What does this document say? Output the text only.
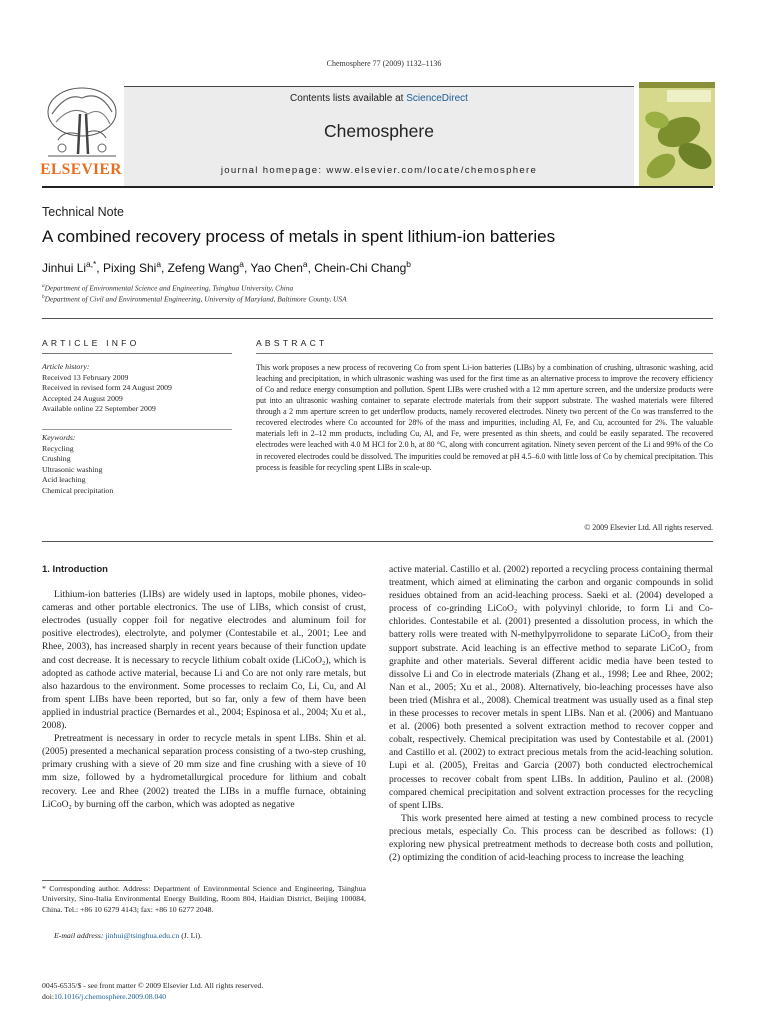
Chemosphere 77 (2009) 1132–1136
Contents lists available at ScienceDirect
Chemosphere
journal homepage: www.elsevier.com/locate/chemosphere
ELSEVIER
Technical Note
A combined recovery process of metals in spent lithium-ion batteries
Jinhui $Li^{a,*}$, Pixing Shi$^a$, Zefeng Wang$^a$, Yao Chen$^a$, Chein-Chi Chang$^b$
$^a$Department of Environmental Science and Engineering, Tsinghua University, China
$^b$Department of Civil and Environmental Engineering, University of Maryland, Baltimore County, USA
ARTICLE INFO
Article history:
Received 13 February 2009
Received in revised form 24 August 2009
Accepted 24 August 2009
Available online 22 September 2009
Keywords:
Recycling
Crushing
Ultrasonic washing
Acid leaching
Chemical precipitation
ABSTRACT
This work proposes a new process of recovering Co from spent Li-ion batteries (LIBs) by a combination of crushing, ultrasonic washing, acid leaching and precipitation, in which ultrasonic washing was used for the first time as an alternative process to improve the recovery efficiency of Co and reduce energy consumption and pollution. Spent LIBs were crushed with a 12 mm aperture screen, and the undersize products were put into an ultrasonic washing container to separate electrode materials from their support substrate. The washed materials were filtered through a 2 mm aperture screen to get underflow products, namely recovered electrodes. Ninety two percent of the Co was transferred to the recovered electrodes where Co accounted for 28% of the mass and impurities, including Al, Fe, and Cu, accounted for 2%. The valuable materials left in 2–12 mm products, including Cu, Al, and Fe, were presented as thin sheets, and could be easily separated. The recovered electrodes were leached with 4.0 M HCl for 2.0 h, at 80 °C, along with concurrent agitation. Ninety seven percent of the Li and 99% of the Co in recovered electrodes could be dissolved. The impurities could be removed at pH 4.5–6.0 with little loss of Co by chemical precipitation. This process is feasible for recycling spent LIBs in scale-up.
© 2009 Elsevier Ltd. All rights reserved.

1. Introduction

Lithium-ion batteries (LIBs) are widely used in laptops, mobile phones, video-cameras and other portable electronics. The use of LIBs, which consist of crust, electrodes (usually copper foil for negative electrodes and aluminum foil for positive electrodes), electrolyte, and polymer (Contestabile et al., 2001; Lee and Rhee, 2003), has increased sharply in recent years because of their function update and cost decrease. It is necessary to recycle lithium cobalt oxide (LiCoO₂), which is adopted as cathode active material, because Li and Co are not only rare metals, but also hazardous to the environment. Some processes to reclaim Co, Li, Cu, and Al from spent LIBs have been reported, but so far, only a few of them have been applied in industrial practice (Bernardes et al., 2004; Espinosa et al., 2004; Xu et al., 2008).

Pretreatment is necessary in order to recycle metals in spent LIBs. Shin et al. (2005) presented a mechanical separation process consisting of a two-step crushing, primary crushing with a sieve of 20 mm size and fine crushing with a sieve of 10 mm size, followed by a hydrometallurgical procedure for lithium and cobalt recovery. Lee and Rhee (2002) treated the LIBs in a muffle furnace, obtaining LiCoO₂ by burning off the carbon, which was adopted as negative

active material. Castillo et al. (2002) reported a recycling process containing thermal treatment, which aimed at eliminating the carbon and organic compounds in solid residues obtained from an acid-leaching process. Saeki et al. (2004) developed a process of co-grinding LiCoO₂ with polyvinyl chloride, to form Li and Co-chlorides. Contestabile et al. (2001) presented a dissolution process, in which the battery rolls were treated with N-methylpyrrolidone to separate LiCoO₂ from their support substrate. Acid leaching is an effective method to separate LiCoO₂ from graphite and other materials. Several different acidic media have been tested to dissolve Li and Co in electrode materials (Zhang et al., 1998; Lee and Rhee, 2002; Nan et al., 2005; Xu et al., 2008). Alternatively, bio-leaching processes have also been tried (Mishra et al., 2008). Chemical treatment was usually used as a final step in these processes to recover metals in spent LIBs. Nan et al. (2006) and Mantuano et al. (2006) both presented a solvent extraction method to recover copper and cobalt, respectively. Chemical precipitation was used by Contestabile et al. (2001) and Castillo et al. (2002) to extract precious metals from the acid-leaching solution. Lupi et al. (2005), Freitas and Garcia (2007) both conducted electrochemical processes to recover cobalt from spent LIBs. In addition, Paulino et al. (2008) compared chemical precipitation and solvent extraction processes for the recycling of spent LIBs.

This work presented here aimed at testing a new combined process to recycle precious metals, especially Co. This process can be described as follows: (1) exploring new physical pretreatment methods to decrease both costs and pollution, (2) optimizing the condition of acid-leaching process to increase the leaching

* Corresponding author. Address: Department of Environmental Science and Engineering, Tsinghua University, Sino-Italia Environmental Energy Building, Room 804, Haidian District, Beijing 100084, China. Tel.: +86 10 6279 4143; fax: +86 10 6277 2048.
E-mail address: jinhui@tsinghua.edu.cn (J. Li).
0045-6535/$ - see front matter © 2009 Elsevier Ltd. All rights reserved.
doi:10.1016/j.chemosphere.2009.08.040
